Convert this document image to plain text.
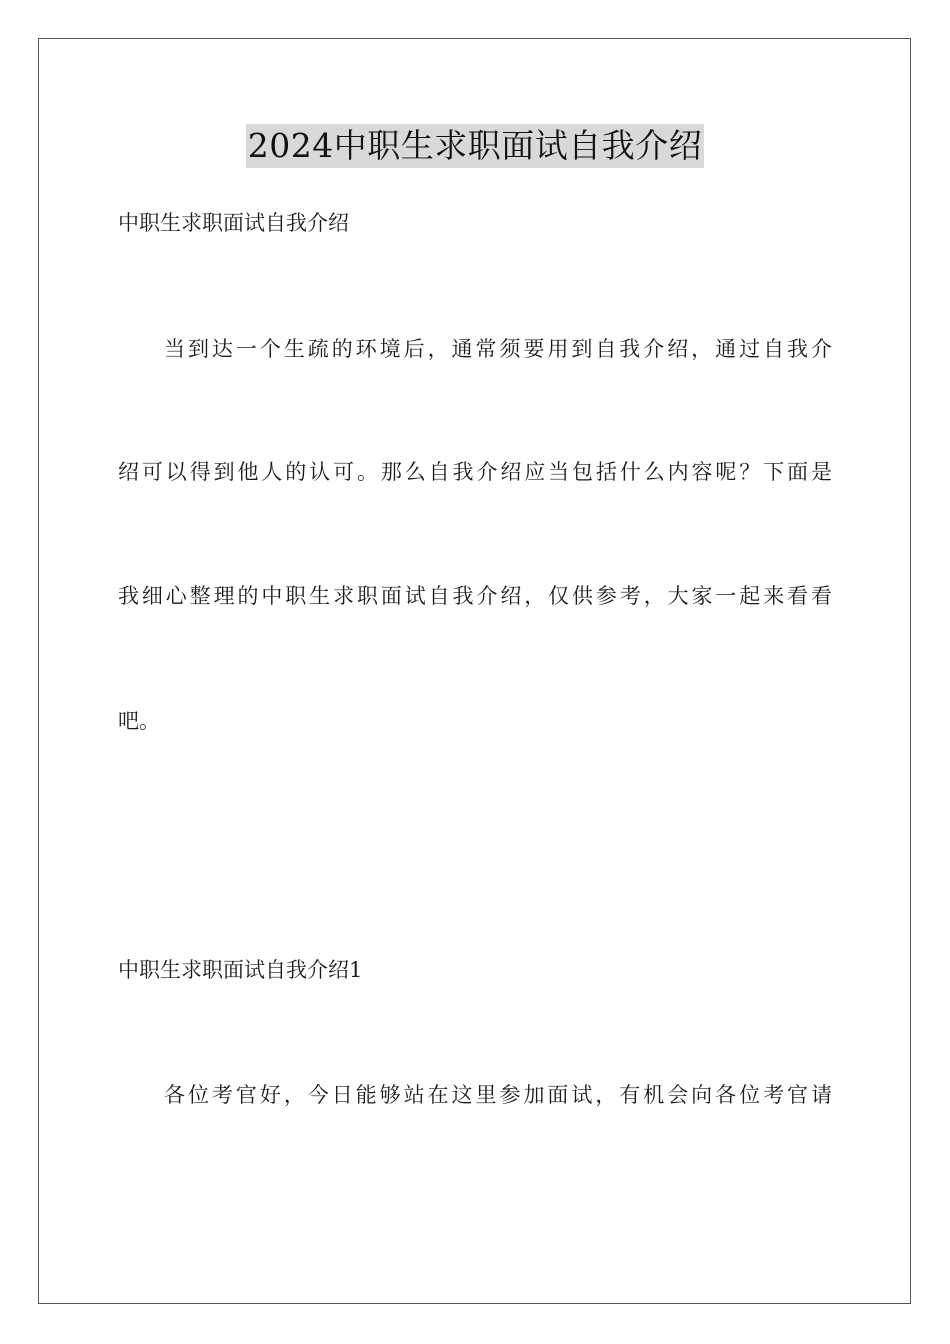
2024中职生求职面试自我介绍
中职生求职面试自我介绍
当到达一个生疏的环境后，通常须要用到自我介绍，通过自我介
绍可以得到他人的认可。那么自我介绍应当包括什么内容呢？下面是
我细心整理的中职生求职面试自我介绍，仅供参考，大家一起来看看
吧。
中职生求职面试自我介绍1
各位考官好，今日能够站在这里参加面试，有机会向各位考官请
